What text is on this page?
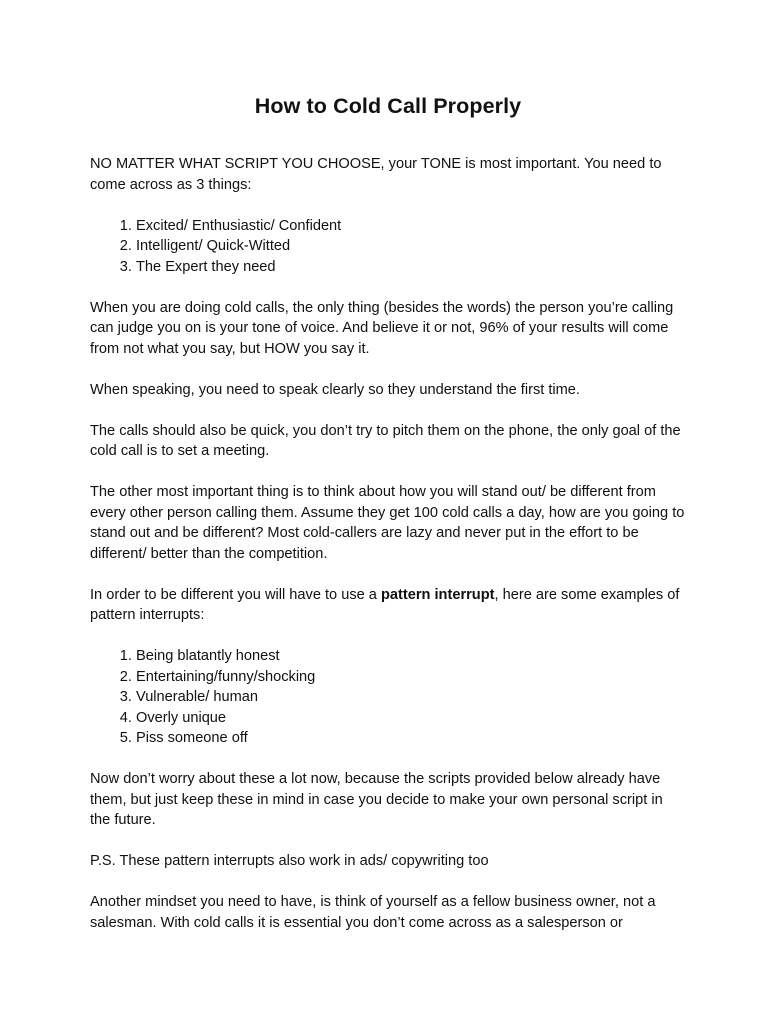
How to Cold Call Properly

NO MATTER WHAT SCRIPT YOU CHOOSE, your TONE is most important. You need to come across as 3 things:

1. Excited/ Enthusiastic/ Confident
2. Intelligent/ Quick-Witted
3. The Expert they need

When you are doing cold calls, the only thing (besides the words) the person you’re calling can judge you on is your tone of voice. And believe it or not, 96% of your results will come from not what you say, but HOW you say it.

When speaking, you need to speak clearly so they understand the first time.

The calls should also be quick, you don’t try to pitch them on the phone, the only goal of the cold call is to set a meeting.

The other most important thing is to think about how you will stand out/ be different from every other person calling them. Assume they get 100 cold calls a day, how are you going to stand out and be different? Most cold-callers are lazy and never put in the effort to be different/ better than the competition.

In order to be different you will have to use a pattern interrupt, here are some examples of pattern interrupts:

1. Being blatantly honest
2. Entertaining/funny/shocking
3. Vulnerable/ human
4. Overly unique
5. Piss someone off

Now don’t worry about these a lot now, because the scripts provided below already have them, but just keep these in mind in case you decide to make your own personal script in the future.

P.S. These pattern interrupts also work in ads/ copywriting too

Another mindset you need to have, is think of yourself as a fellow business owner, not a salesman. With cold calls it is essential you don’t come across as a salesperson or
